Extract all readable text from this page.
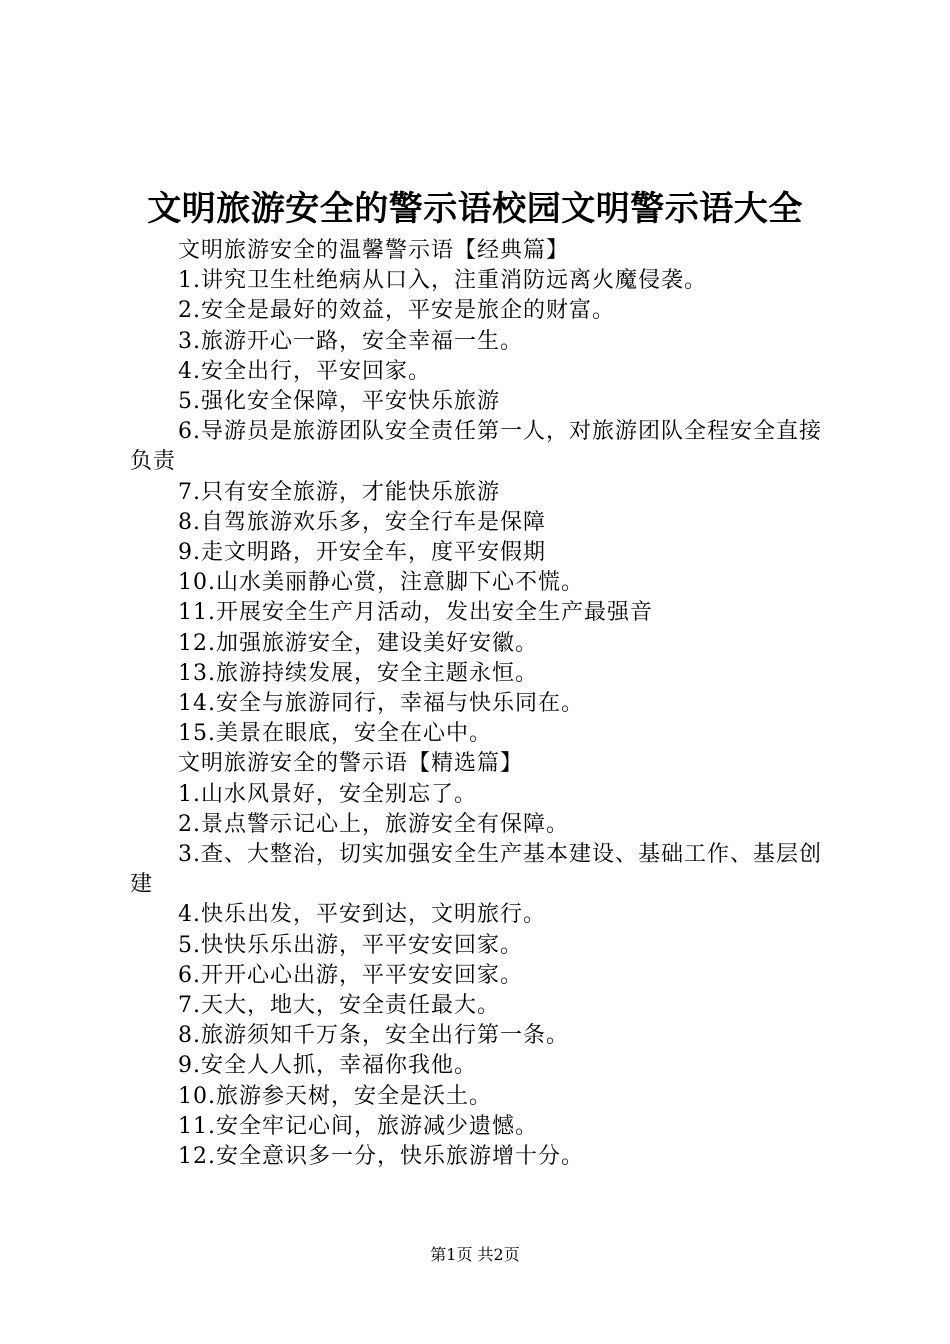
文明旅游安全的警示语校园文明警示语大全

文明旅游安全的温馨警示语【经典篇】

1.讲究卫生杜绝病从口入，注重消防远离火魔侵袭。

2.安全是最好的效益，平安是旅企的财富。

3.旅游开心一路，安全幸福一生。

4.安全出行，平安回家。

5.强化安全保障，平安快乐旅游

6.导游员是旅游团队安全责任第一人，对旅游团队全程安全直接负责

7.只有安全旅游，才能快乐旅游

8.自驾旅游欢乐多，安全行车是保障

9.走文明路，开安全车，度平安假期

10.山水美丽静心赏，注意脚下心不慌。

11.开展安全生产月活动，发出安全生产最强音

12.加强旅游安全，建设美好安徽。

13.旅游持续发展，安全主题永恒。

14.安全与旅游同行，幸福与快乐同在。

15.美景在眼底，安全在心中。

文明旅游安全的警示语【精选篇】

1.山水风景好，安全别忘了。

2.景点警示记心上，旅游安全有保障。

3.查、大整治，切实加强安全生产基本建设、基础工作、基层创建

4.快乐出发，平安到达，文明旅行。

5.快快乐乐出游，平平安安回家。

6.开开心心出游，平平安安回家。

7.天大，地大，安全责任最大。

8.旅游须知千万条，安全出行第一条。

9.安全人人抓，幸福你我他。

10.旅游参天树，安全是沃土。

11.安全牢记心间，旅游减少遗憾。

12.安全意识多一分，快乐旅游增十分。

第1页 共2页
